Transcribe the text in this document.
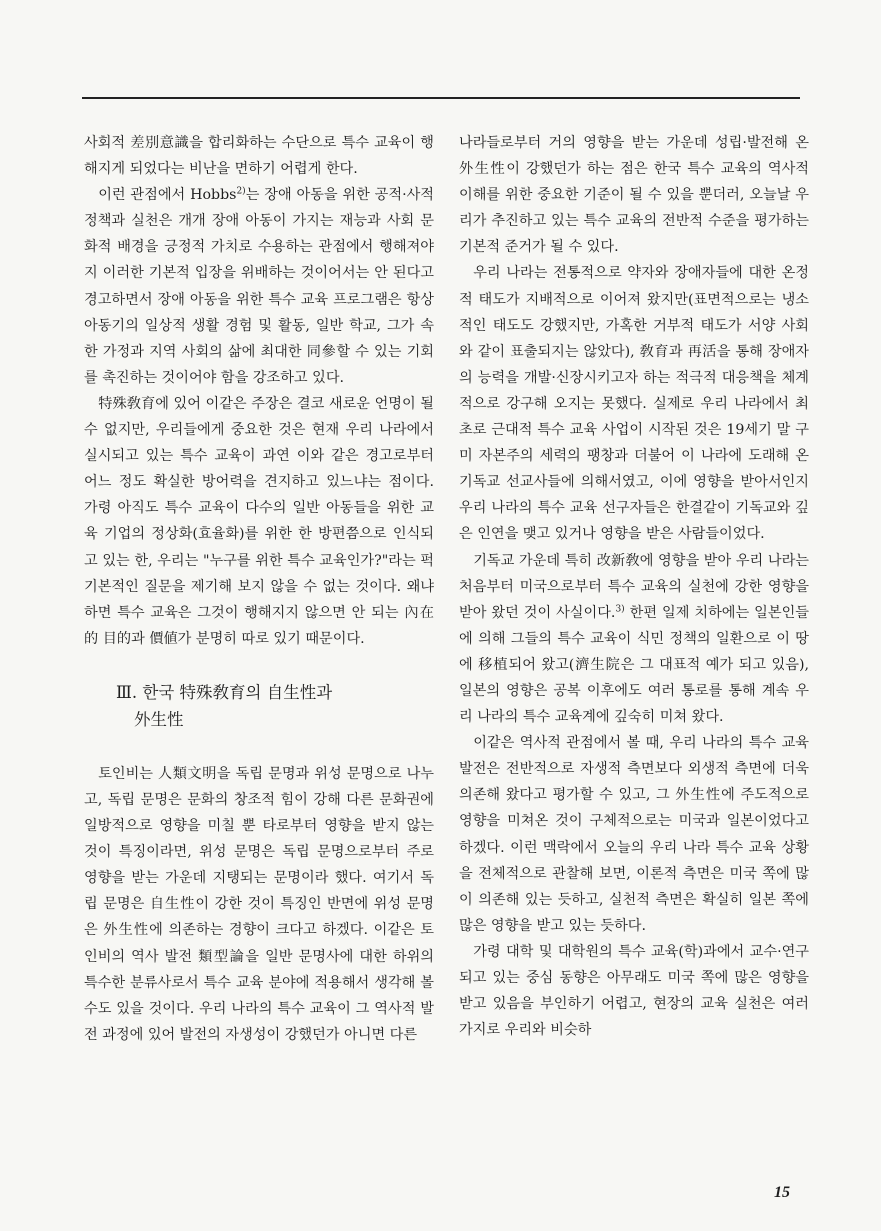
사회적 差別意識을 합리화하는 수단으로 특수 교육이 행해지게 되었다는 비난을 면하기 어렵게 한다.

이런 관점에서 Hobbs$^{2)}$는 장애 아동을 위한 공적·사적 정책과 실천은 개개 장애 아동이 가지는 재능과 사회 문화적 배경을 긍정적 가치로 수용하는 관점에서 행해져야지 이러한 기본적 입장을 위배하는 것이어서는 안 된다고 경고하면서 장애 아동을 위한 특수 교육 프로그램은 항상 아동기의 일상적 생활 경험 및 활동, 일반 학교, 그가 속한 가정과 지역 사회의 삶에 최대한 同參할 수 있는 기회를 촉진하는 것이어야 함을 강조하고 있다.

特殊敎育에 있어 이같은 주장은 결코 새로운 언명이 될 수 없지만, 우리들에게 중요한 것은 현재 우리 나라에서 실시되고 있는 특수 교육이 과연 이와 같은 경고로부터 어느 정도 확실한 방어력을 견지하고 있느냐는 점이다. 가령 아직도 특수 교육이 다수의 일반 아동들을 위한 교육 기업의 정상화(효율화)를 위한 한 방편쯤으로 인식되고 있는 한, 우리는 "누구를 위한 특수 교육인가?"라는 퍽 기본적인 질문을 제기해 보지 않을 수 없는 것이다. 왜냐 하면 특수 교육은 그것이 행해지지 않으면 안 되는 內在的 目的과 價値가 분명히 따로 있기 때문이다.

Ⅲ. 한국 特殊敎育의 自生性과
外生性

토인비는 人類文明을 독립 문명과 위성 문명으로 나누고, 독립 문명은 문화의 창조적 힘이 강해 다른 문화권에 일방적으로 영향을 미칠 뿐 타로부터 영향을 받지 않는 것이 특징이라면, 위성 문명은 독립 문명으로부터 주로 영향을 받는 가운데 지탱되는 문명이라 했다. 여기서 독립 문명은 自生性이 강한 것이 특징인 반면에 위성 문명은 外生性에 의존하는 경향이 크다고 하겠다. 이같은 토인비의 역사 발전 類型論을 일반 문명사에 대한 하위의 특수한 분류사로서 특수 교육 분야에 적용해서 생각해 볼 수도 있을 것이다. 우리 나라의 특수 교육이 그 역사적 발전 과정에 있어 발전의 자생성이 강했던가 아니면 다른

나라들로부터 거의 영향을 받는 가운데 성립·발전해 온 外生性이 강했던가 하는 점은 한국 특수 교육의 역사적 이해를 위한 중요한 기준이 될 수 있을 뿐더러, 오늘날 우리가 추진하고 있는 특수 교육의 전반적 수준을 평가하는 기본적 준거가 될 수 있다.

우리 나라는 전통적으로 약자와 장애자들에 대한 온정적 태도가 지배적으로 이어져 왔지만(표면적으로는 냉소적인 태도도 강했지만, 가혹한 거부적 태도가 서양 사회와 같이 표출되지는 않았다), 敎育과 再活을 통해 장애자의 능력을 개발·신장시키고자 하는 적극적 대응책을 체계적으로 강구해 오지는 못했다. 실제로 우리 나라에서 최초로 근대적 특수 교육 사업이 시작된 것은 19세기 말 구미 자본주의 세력의 팽창과 더불어 이 나라에 도래해 온 기독교 선교사들에 의해서였고, 이에 영향을 받아서인지 우리 나라의 특수 교육 선구자들은 한결같이 기독교와 깊은 인연을 맺고 있거나 영향을 받은 사람들이었다.

기독교 가운데 특히 改新敎에 영향을 받아 우리 나라는 처음부터 미국으로부터 특수 교육의 실천에 강한 영향을 받아 왔던 것이 사실이다.$^{3)}$ 한편 일제 치하에는 일본인들에 의해 그들의 특수 교육이 식민 정책의 일환으로 이 땅에 移植되어 왔고(濟生院은 그 대표적 예가 되고 있음), 일본의 영향은 공복 이후에도 여러 통로를 통해 계속 우리 나라의 특수 교육계에 깊숙히 미쳐 왔다.

이같은 역사적 관점에서 볼 때, 우리 나라의 특수 교육 발전은 전반적으로 자생적 측면보다 외생적 측면에 더욱 의존해 왔다고 평가할 수 있고, 그 外生性에 주도적으로 영향을 미쳐온 것이 구체적으로는 미국과 일본이었다고 하겠다. 이런 맥락에서 오늘의 우리 나라 특수 교육 상황을 전체적으로 관찰해 보면, 이론적 측면은 미국 쪽에 많이 의존해 있는 듯하고, 실천적 측면은 확실히 일본 쪽에 많은 영향을 받고 있는 듯하다.

가령 대학 및 대학원의 특수 교육(학)과에서 교수·연구되고 있는 중심 동향은 아무래도 미국 쪽에 많은 영향을 받고 있음을 부인하기 어렵고, 현장의 교육 실천은 여러 가지로 우리와 비슷하

15
